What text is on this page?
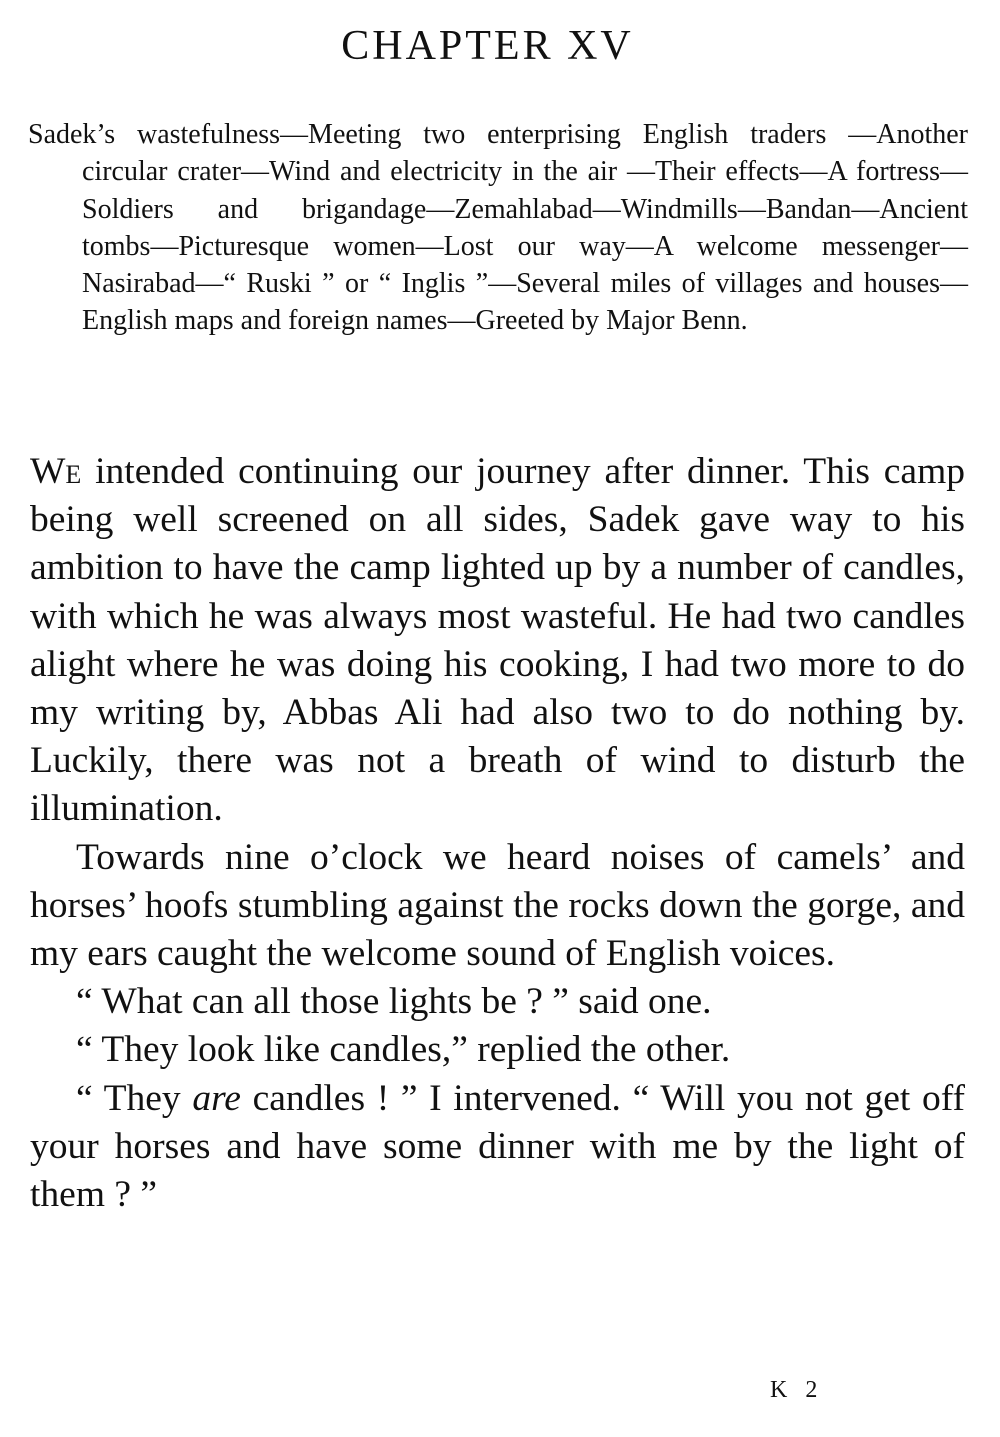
CHAPTER XV

Sadek’s wastefulness—Meeting two enterprising English traders —Another circular crater—Wind and electricity in the air —Their effects—A fortress—Soldiers and brigandage—Zemahlabad—Windmills—Bandan—Ancient tombs—Picturesque women—Lost our way—A welcome messenger—Nasirabad—“ Ruski ” or “ Inglis ”—Several miles of villages and houses—English maps and foreign names—Greeted by Major Benn.

We intended continuing our journey after dinner. This camp being well screened on all sides, Sadek gave way to his ambition to have the camp lighted up by a number of candles, with which he was always most wasteful. He had two candles alight where he was doing his cooking, I had two more to do my writing by, Abbas Ali had also two to do nothing by. Luckily, there was not a breath of wind to disturb the illumination.

Towards nine o’clock we heard noises of camels’ and horses’ hoofs stumbling against the rocks down the gorge, and my ears caught the welcome sound of English voices.

“ What can all those lights be ? ” said one.

“ They look like candles,” replied the other.

“ They are candles ! ” I intervened. “ Will you not get off your horses and have some dinner with me by the light of them ? ”

K 2
